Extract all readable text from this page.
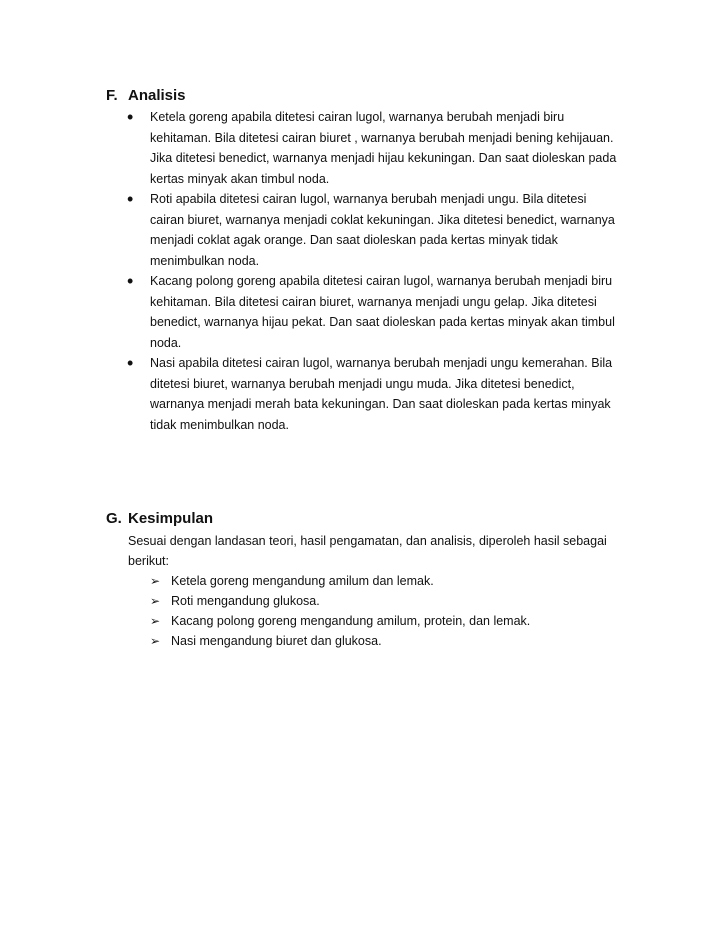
F. Analisis
• Ketela goreng apabila ditetesi cairan lugol, warnanya berubah menjadi biru
kehitaman. Bila ditetesi cairan biuret , warnanya berubah menjadi bening kehijauan.
Jika ditetesi benedict, warnanya menjadi hijau kekuningan. Dan saat dioleskan pada
kertas minyak akan timbul noda.
• Roti apabila ditetesi cairan lugol, warnanya berubah menjadi ungu. Bila ditetesi
cairan biuret, warnanya menjadi coklat kekuningan. Jika ditetesi benedict, warnanya
menjadi coklat agak orange. Dan saat dioleskan pada kertas minyak tidak
menimbulkan noda.
• Kacang polong goreng apabila ditetesi cairan lugol, warnanya berubah menjadi biru
kehitaman. Bila ditetesi cairan biuret, warnanya menjadi ungu gelap. Jika ditetesi
benedict, warnanya hijau pekat. Dan saat dioleskan pada kertas minyak akan timbul
noda.
• Nasi apabila ditetesi cairan lugol, warnanya berubah menjadi ungu kemerahan. Bila
ditetesi biuret, warnanya berubah menjadi ungu muda. Jika ditetesi benedict,
warnanya menjadi merah bata kekuningan. Dan saat dioleskan pada kertas minyak
tidak menimbulkan noda.
G. Kesimpulan
Sesuai dengan landasan teori, hasil pengamatan, dan analisis, diperoleh hasil sebagai
berikut:
➢ Ketela goreng mengandung amilum dan lemak.
➢ Roti mengandung glukosa.
➢ Kacang polong goreng mengandung amilum, protein, dan lemak.
➢ Nasi mengandung biuret dan glukosa.
